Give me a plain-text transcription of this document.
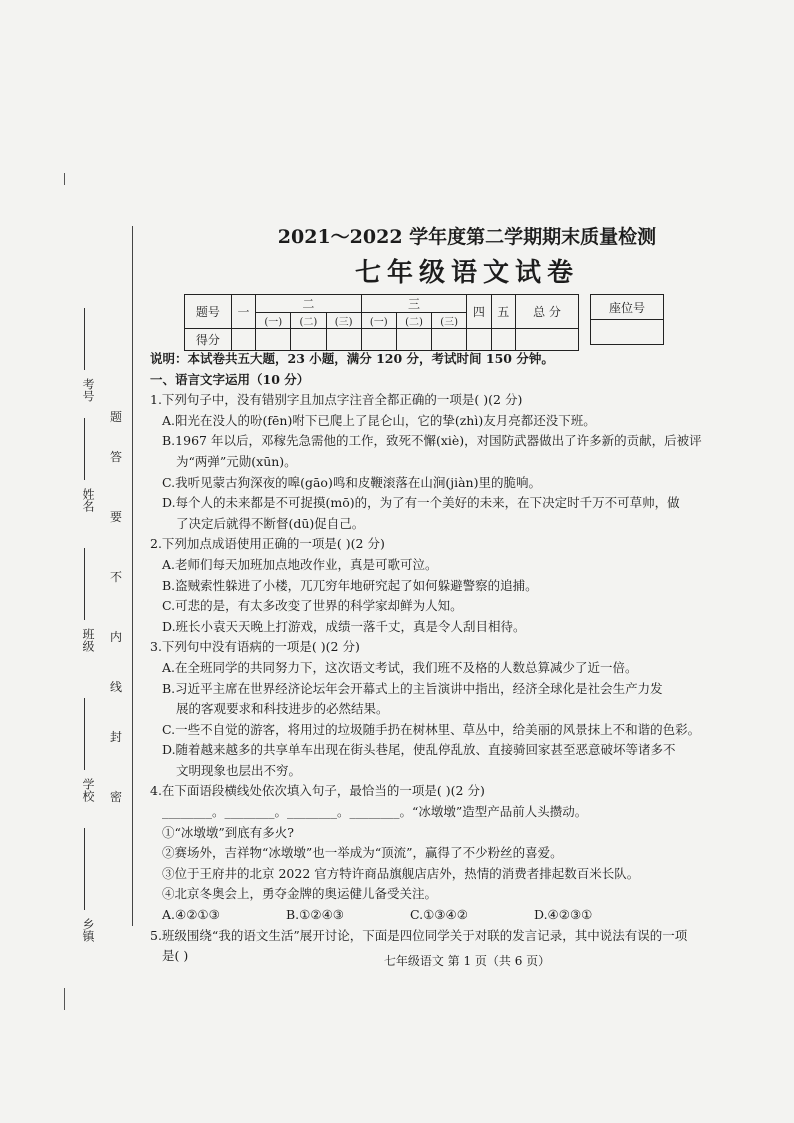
考号
姓名
班级
学校
乡镇
题
答
要
不
内
线
封
密
2021～2022 学年度第二学期期末质量检测
七年级语文试卷
题号	一	二			三			四	五	总 分
		(一)	(二)	(三)	(一)	(二)	(三)			
得分										
座位号

说明：本试卷共五大题，23 小题，满分 120 分，考试时间 150 分钟。

一、语言文字运用（10 分）

1.下列句子中，没有错别字且加点字注音全都正确的一项是( )(2 分)

A.阳光在没人的吩(fēn)咐下已爬上了昆仑山，它的挚(zhì)友月亮都还没下班。

B.1967 年以后，邓稼先急需他的工作，致死不懈(xiè)，对国防武器做出了许多新的贡献，后被评

为“两弹”元勋(xūn)。

C.我听见蒙古狗深夜的嗥(gāo)鸣和皮鞭滚落在山涧(jiàn)里的脆响。

D.每个人的未来都是不可捉摸(mō)的，为了有一个美好的未来，在下决定时千万不可草帅，做

了决定后就得不断督(dū)促自己。

2.下列加点成语使用正确的一项是( )(2 分)

A.老师们每天加班加点地改作业，真是可歌可泣。

B.盗贼索性躲进了小楼，兀兀穷年地研究起了如何躲避警察的追捕。

C.可悲的是，有太多改变了世界的科学家却鲜为人知。

D.班长小袁天天晚上打游戏，成绩一落千丈，真是令人刮目相待。

3.下列句中没有语病的一项是( )(2 分)

A.在全班同学的共同努力下，这次语文考试，我们班不及格的人数总算减少了近一倍。

B.习近平主席在世界经济论坛年会开幕式上的主旨演讲中指出，经济全球化是社会生产力发

展的客观要求和科技进步的必然结果。

C.一些不自觉的游客，将用过的垃圾随手扔在树林里、草丛中，给美丽的风景抹上不和谐的色彩。

D.随着越来越多的共享单车出现在街头巷尾，使乱停乱放、直接骑回家甚至恶意破坏等诸多不

文明现象也层出不穷。

4.在下面语段横线处依次填入句子，最恰当的一项是( )(2 分)

________。________。________。________。“冰墩墩”造型产品前人头攒动。

①“冰墩墩”到底有多火?

②赛场外，吉祥物“冰墩墩”也一举成为“顶流”，赢得了不少粉丝的喜爱。

③位于王府井的北京 2022 官方特许商品旗舰店店外，热情的消费者排起数百米长队。

④北京冬奥会上，勇夺金牌的奥运健儿备受关注。

A.④②①③	B.①②④③	C.①③④②	D.④②③①

5.班级围绕“我的语文生活”展开讨论，下面是四位同学关于对联的发言记录，其中说法有误的一项

是( )	七年级语文 第 1 页（共 6 页）
